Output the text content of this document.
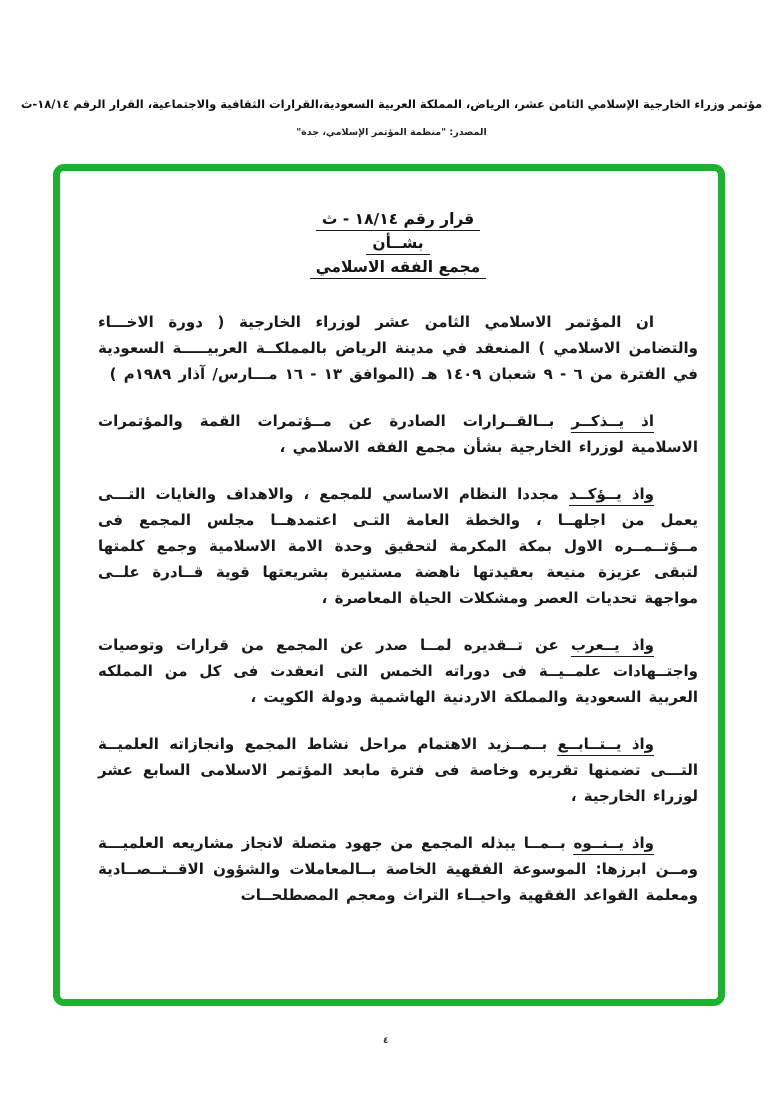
مؤتمر وزراء الخارجية الإسلامي الثامن عشر، الرياض، المملكة العربية السعودية،القرارات الثقافية والاجتماعية، القرار الرقم ١٨/١٤-ث
المصدر: "منظمة المؤتمر الإسلامي، جدة"
قرار رقم ١٨/١٤ - ث
بشــأن
مجمع الفقه الاسلامي

ان المؤتمر الاسلامي الثامن عشر لوزراء الخارجية ( دورة الاخـــاء والتضامن الاسلامي ) المنعقد في مدينة الرياض بالمملكــة العربيـــــة السعودية في الفترة من ٦ - ٩ شعبان ١٤٠٩ هـ (الموافق ١٣ - ١٦ مـــارس/ آذار ١٩٨٩م )

اذ يــذكــر بــالقــرارات الصادرة عن مــؤتمرات القمة والمؤتمرات الاسلامية لوزراء الخارجية بشأن مجمع الفقه الاسلامي ،

واذ يــؤكــد مجددا النظام الاساسي للمجمع ، والاهداف والغايات التـــى يعمل من اجلهــا ، والخطة العامة التـى اعتمدهــا مجلس المجمع فى مــؤتــمــره الاول بمكة المكرمة لتحقيق وحدة الامة الاسلامية وجمع كلمتها لتبقى عزيزة منيعة بعقيدتها ناهضة مستنيرة بشريعتها قوية قــادرة علــى مواجهة تحديات العصر ومشكلات الحياة المعاصرة ،

واذ يــعرب عن تــقديره لمــا صدر عن المجمع من قرارات وتوصيات واجتــهادات علمــيــة فى دوراته الخمس التى انعقدت فى كل من المملكه العربية السعودية والمملكة الاردنية الهاشمية ودولة الكويت ،

واذ يــتــابــع بــمــزيد الاهتمام مراحل نشاط المجمع وانجازاته العلميــة التـــى تضمنها تقريره وخاصة فى فترة مابعد المؤتمر الاسلامى السابع عشر لوزراء الخارجية ،

واذ يــنــوه بــمــا يبذله المجمع من جهود متصلة لانجاز مشاريعه العلميـــة ومــن ابرزها: الموسوعة الفقهية الخاصة بــالمعاملات والشؤون الاقــتــصــادية ومعلمة القواعد الفقهية واحيــاء التراث ومعجم المصطلحــات

٤
